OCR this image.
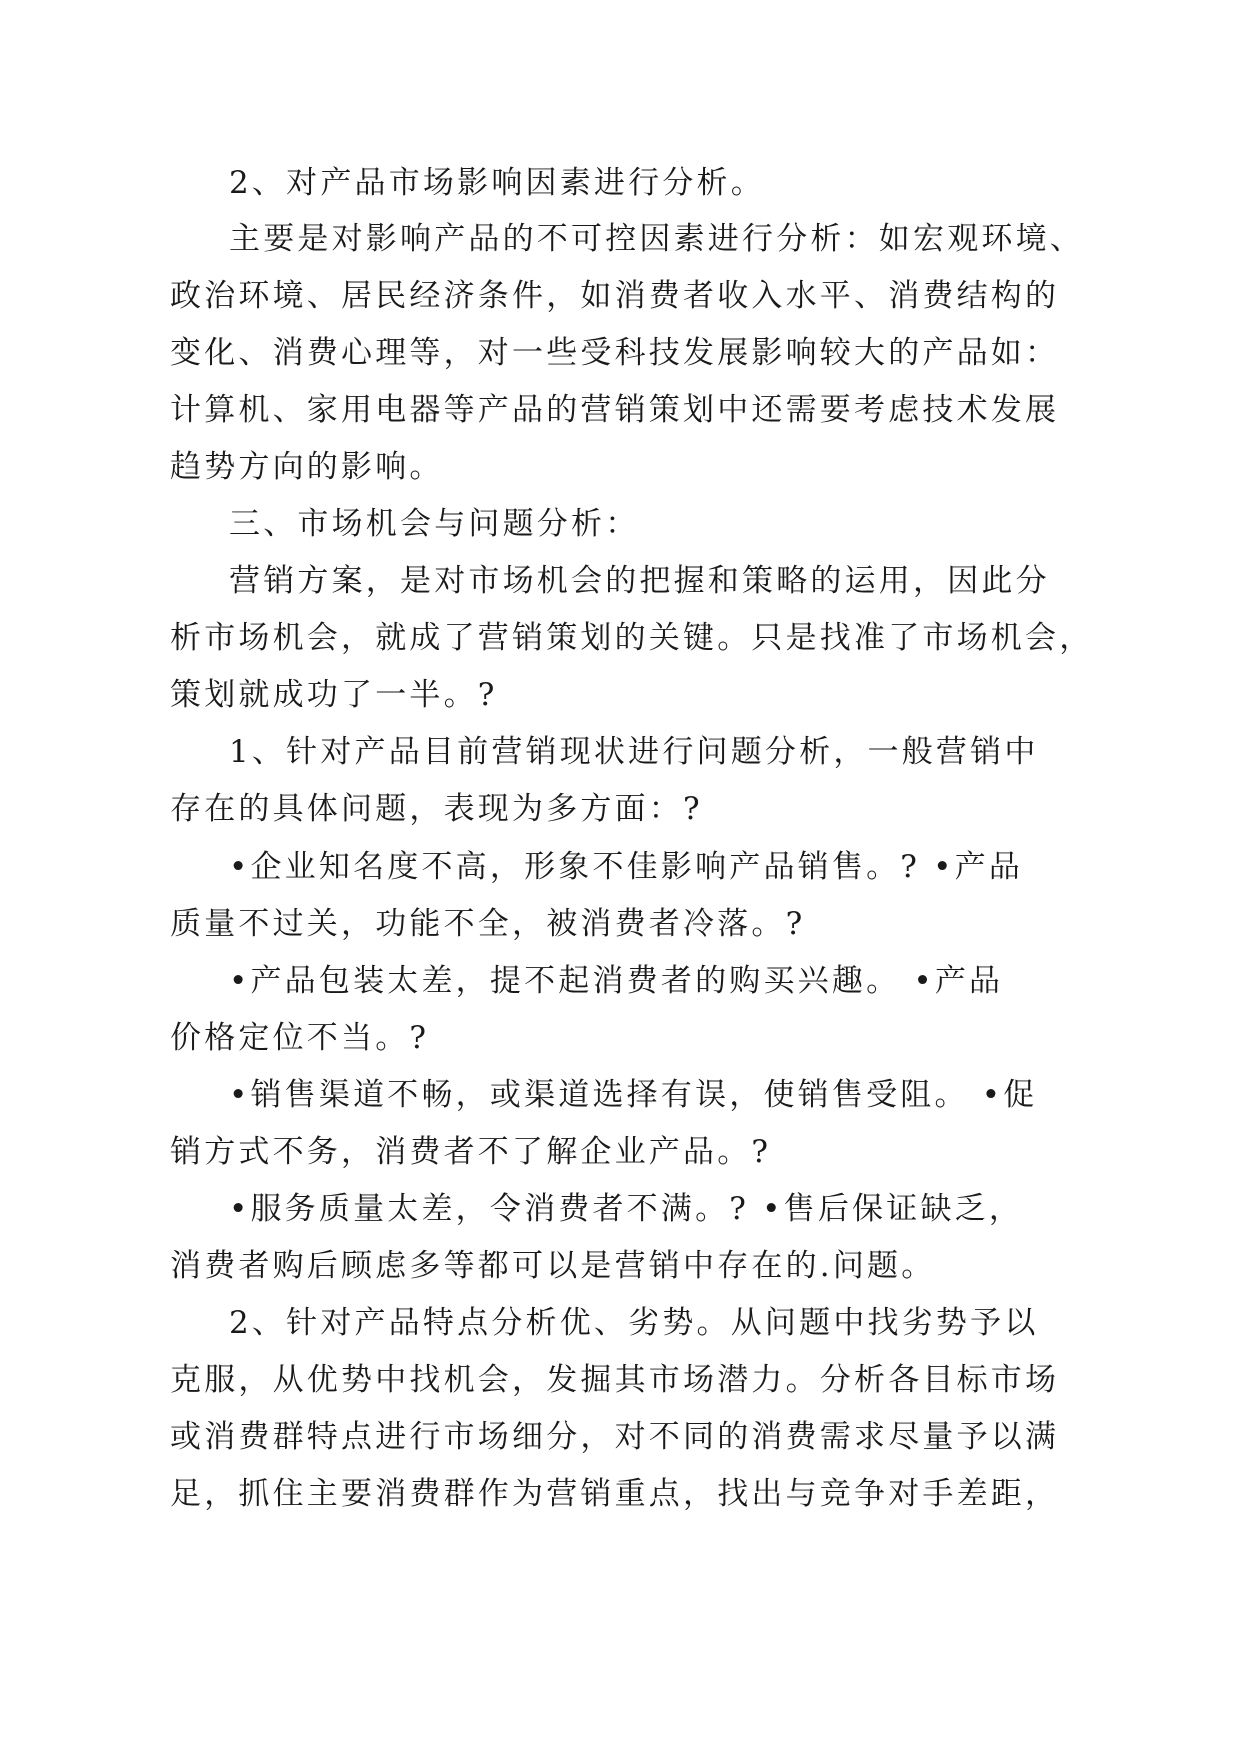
2、对产品市场影响因素进行分析。
主要是对影响产品的不可控因素进行分析：如宏观环境、
政治环境、居民经济条件，如消费者收入水平、消费结构的
变化、消费心理等，对一些受科技发展影响较大的产品如：
计算机、家用电器等产品的营销策划中还需要考虑技术发展
趋势方向的影响。
三、市场机会与问题分析：
营销方案，是对市场机会的把握和策略的运用，因此分
析市场机会，就成了营销策划的关键。只是找准了市场机会，
策划就成功了一半。?
1、针对产品目前营销现状进行问题分析，一般营销中
存在的具体问题，表现为多方面：?
•企业知名度不高，形象不佳影响产品销售。? •产品
质量不过关，功能不全，被消费者冷落。?
•产品包装太差，提不起消费者的购买兴趣。 •产品
价格定位不当。?
•销售渠道不畅，或渠道选择有误，使销售受阻。 •促
销方式不务，消费者不了解企业产品。?
•服务质量太差，令消费者不满。? •售后保证缺乏，
消费者购后顾虑多等都可以是营销中存在的.问题。
2、针对产品特点分析优、劣势。从问题中找劣势予以
克服，从优势中找机会，发掘其市场潜力。分析各目标市场
或消费群特点进行市场细分，对不同的消费需求尽量予以满
足，抓住主要消费群作为营销重点，找出与竞争对手差距，
